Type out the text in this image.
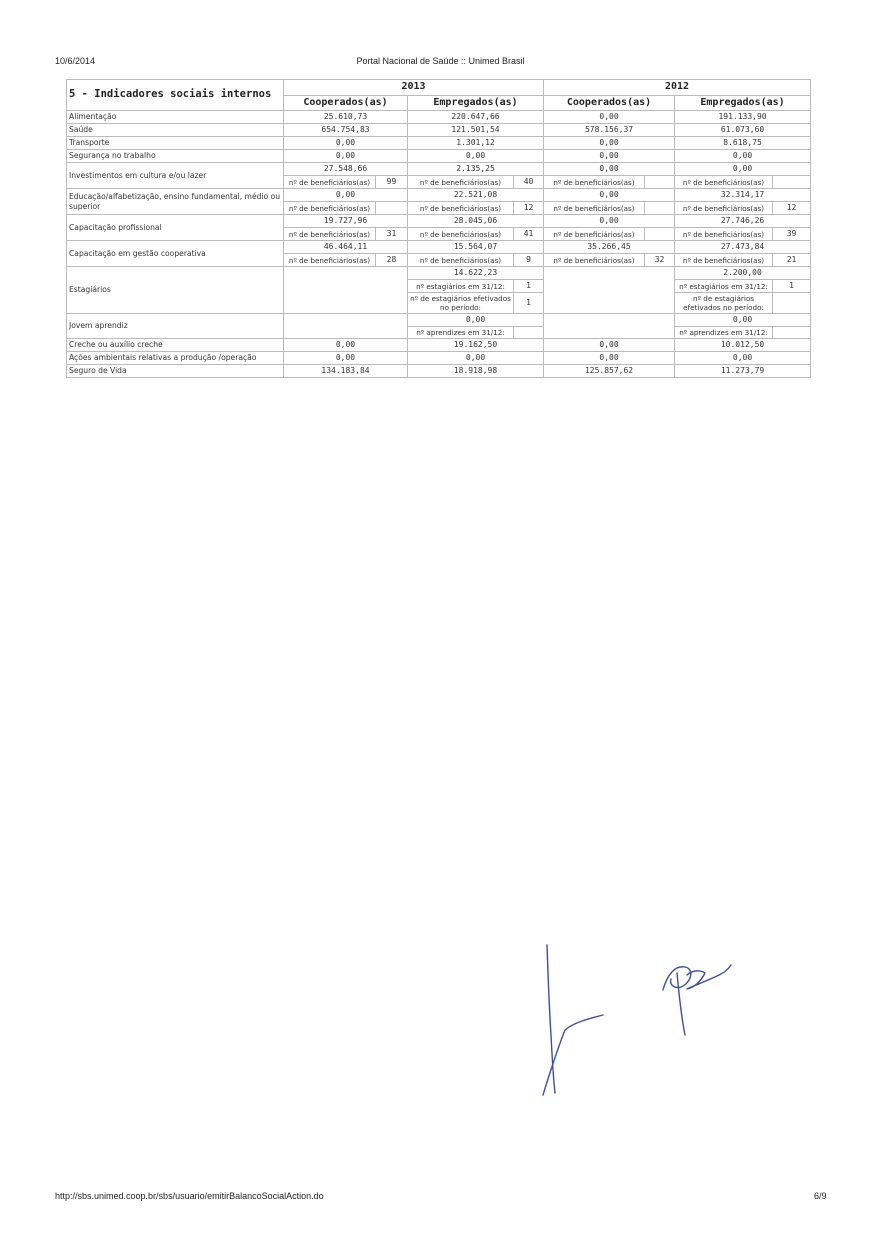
10/6/2014	Portal Nacional de Saúde :: Unimed Brasil
5 - Indicadores sociais internos	2013				2012			
	Cooperados(as)		Empregados(as)		Cooperados(as)		Empregados(as)	
Alimentação	25.610,73		220.647,66		0,00		191.133,90	
Saúde	654.754,83		121.501,54		578.156,37		61.073,60	
Transporte	0,00		1.301,12		0,00		8.618,75	
Segurança no trabalho	0,00		0,00		0,00		0,00	
Investimentos em cultura e/ou lazer	27.548,66		2.135,25		0,00		0,00	
	nº de beneficiários(as)	99	nº de beneficiários(as)	40	nº de beneficiários(as)		nº de beneficiários(as)	
Educação/alfabetização, ensino fundamental, médio ou superior	0,00		22.521,08		0,00		32.314,17	
	nº de beneficiários(as)		nº de beneficiários(as)	12	nº de beneficiários(as)		nº de beneficiários(as)	12
Capacitação profissional	19.727,96		28.045,06		0,00		27.746,26	
	nº de beneficiários(as)	31	nº de beneficiários(as)	41	nº de beneficiários(as)		nº de beneficiários(as)	39
Capacitação em gestão cooperativa	46.464,11		15.564,07		35.266,45		27.473,84	
	nº de beneficiários(as)	28	nº de beneficiários(as)	9	nº de beneficiários(as)	32	nº de beneficiários(as)	21
Estagiários			14.622,23				2.200,00	
			nº estagiários em 31/12:	1			nº estagiários em 31/12:	1
			nº de estagiários efetivados no período:	1			nº de estagiários efetivados no período:	
Jovem aprendiz			0,00				0,00	
			nº aprendizes em 31/12:				nº aprendizes em 31/12:	
Creche ou auxílio creche	0,00		19.162,50		0,00		10.012,50	
Ações ambientais relativas a produção /operação	0,00		0,00		0,00		0,00	
Seguro de Vida	134.183,84		18.918,98		125.857,62		11.273,79	
http://sbs.unimed.coop.br/sbs/usuario/emitirBalancoSocialAction.do	6/9
